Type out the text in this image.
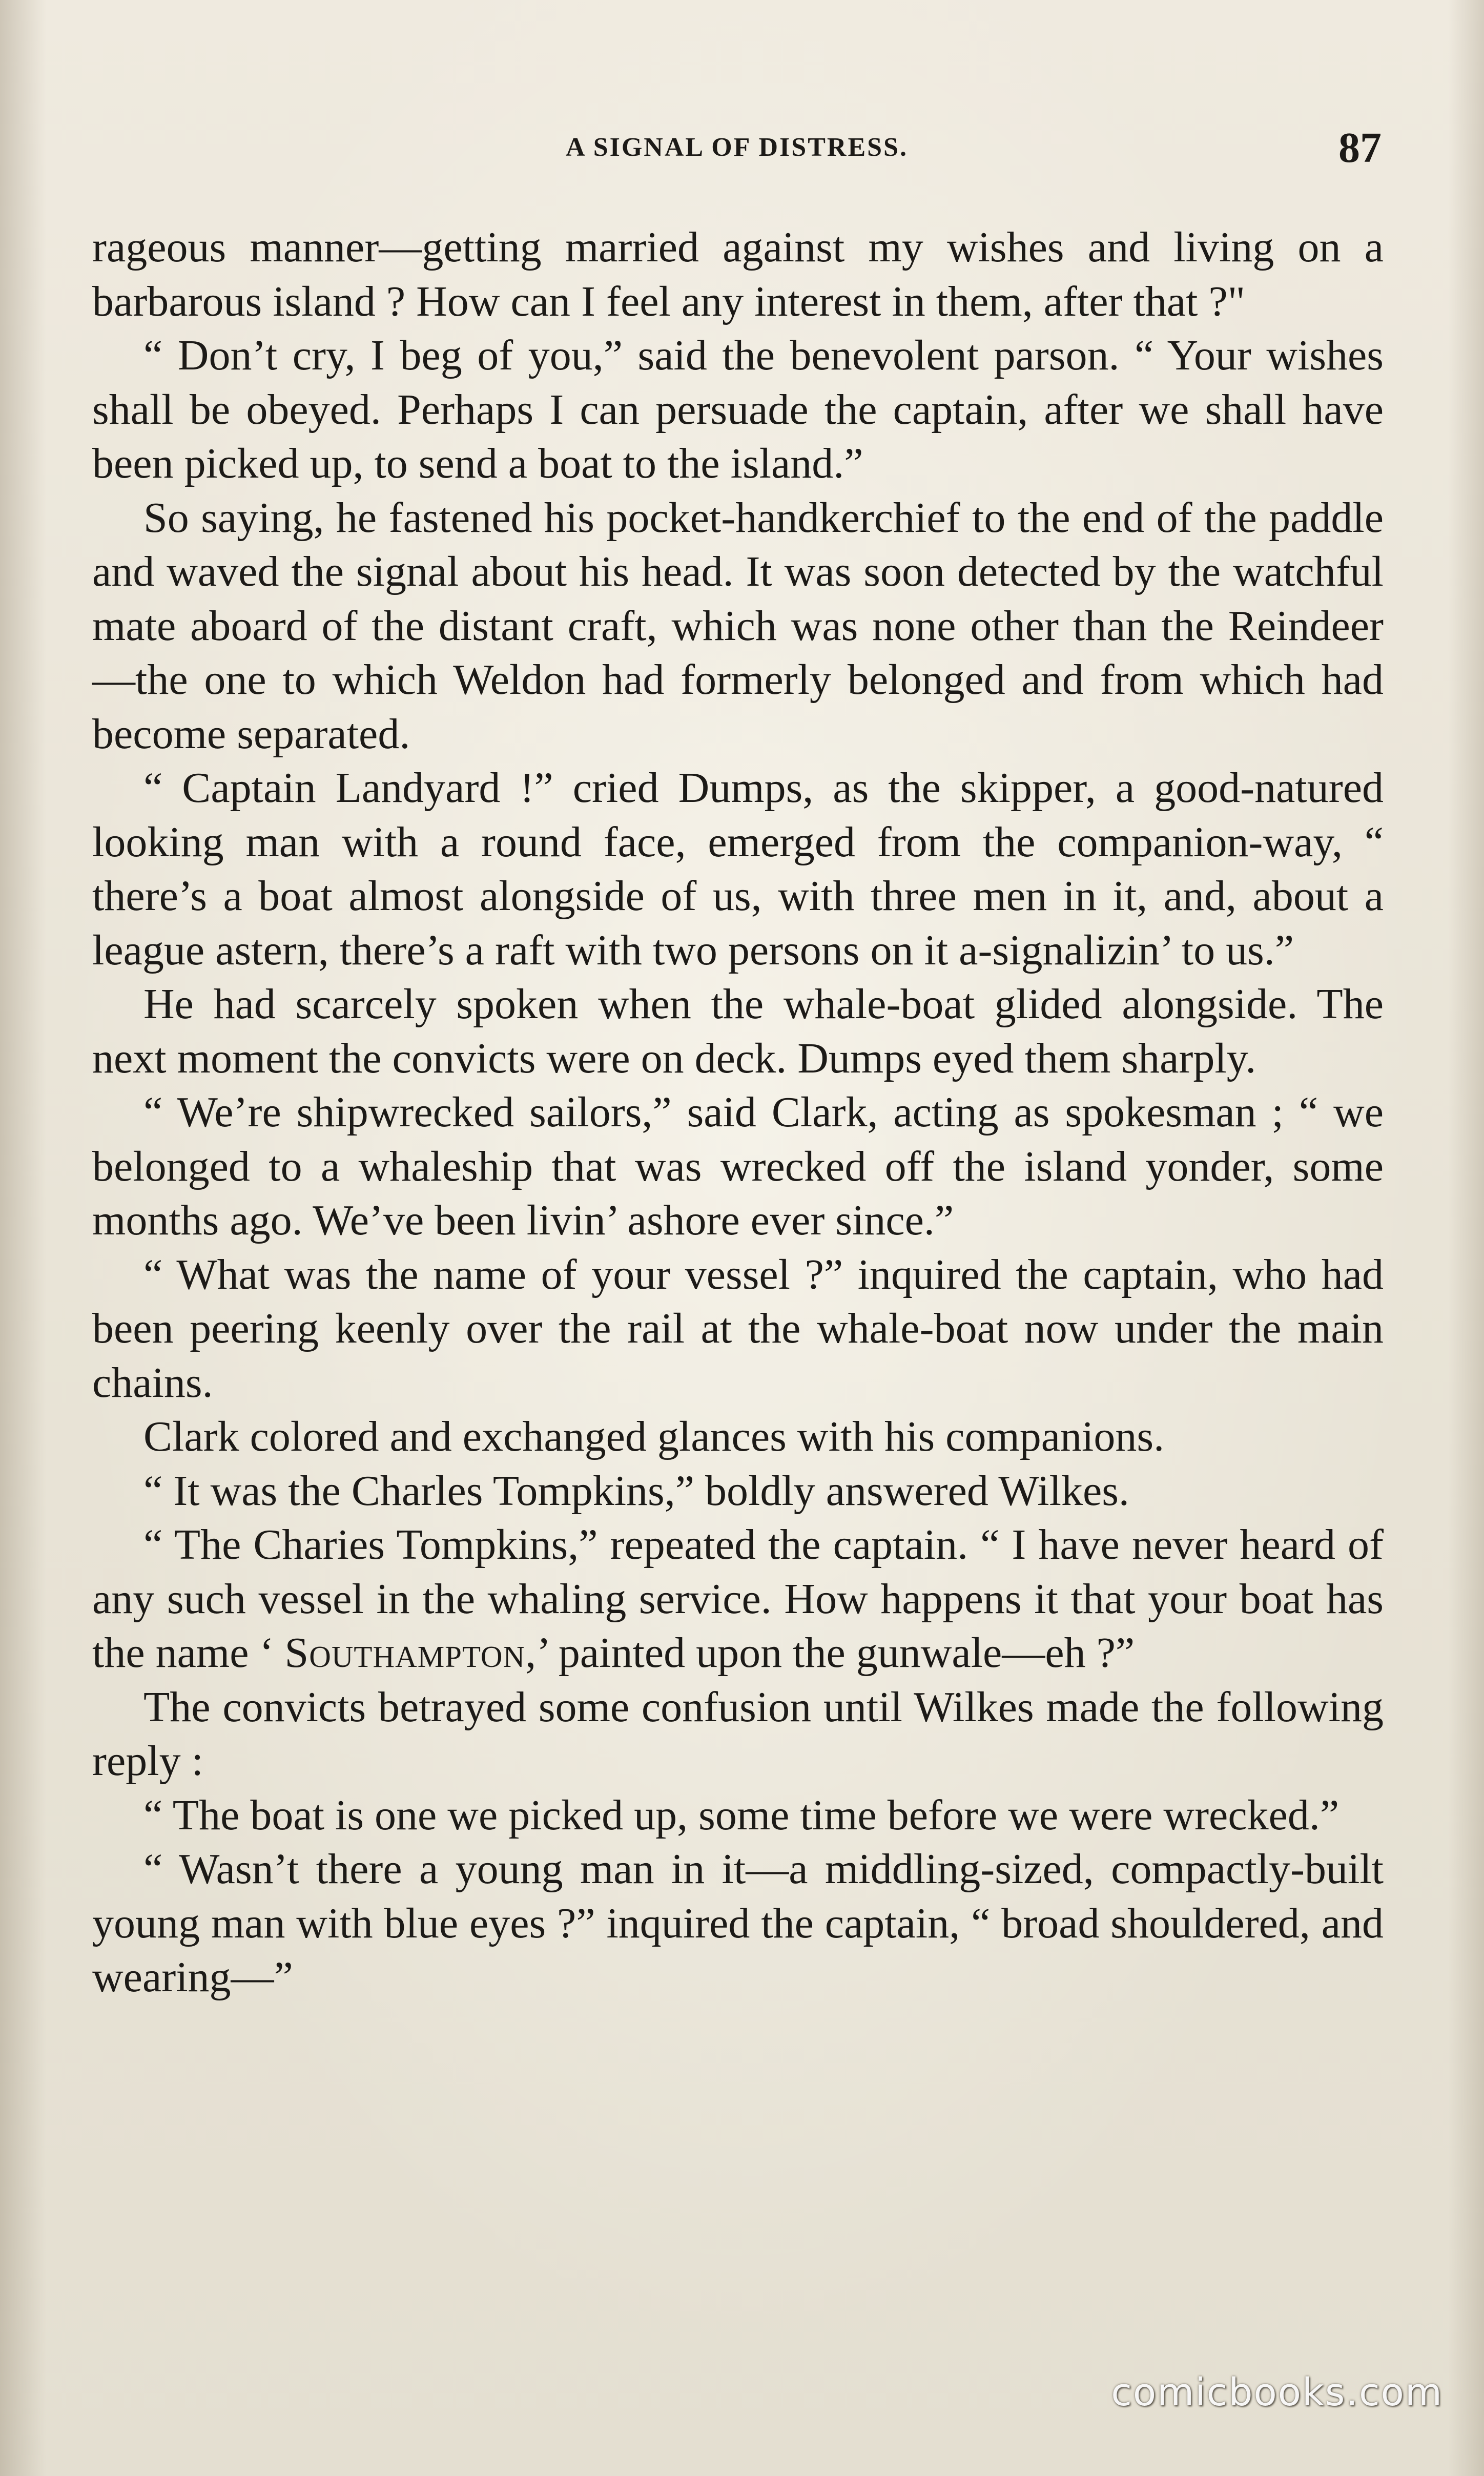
A SIGNAL OF DISTRESS.	87

rageous manner—getting married against my wishes and living on a barbarous island ? How can I feel any interest in them, after that ?"

“ Don’t cry, I beg of you,” said the benevolent parson. “ Your wishes shall be obeyed. Perhaps I can persuade the captain, after we shall have been picked up, to send a boat to the island.”

So saying, he fastened his pocket-handkerchief to the end of the paddle and waved the signal about his head. It was soon detected by the watchful mate aboard of the distant craft, which was none other than the Reindeer—the one to which Weldon had formerly belonged and from which had become separated.

“ Captain Landyard !” cried Dumps, as the skipper, a good-natured looking man with a round face, emerged from the companion-way, “ there’s a boat almost alongside of us, with three men in it, and, about a league astern, there’s a raft with two persons on it a-signalizin’ to us.”

He had scarcely spoken when the whale-boat glided alongside. The next moment the convicts were on deck. Dumps eyed them sharply.

“ We’re shipwrecked sailors,” said Clark, acting as spokesman ; “ we belonged to a whaleship that was wrecked off the island yonder, some months ago. We’ve been livin’ ashore ever since.”

“ What was the name of your vessel ?” inquired the captain, who had been peering keenly over the rail at the whale-boat now under the main chains.

Clark colored and exchanged glances with his companions.

“ It was the Charles Tompkins,” boldly answered Wilkes.

“ The Charies Tompkins,” repeated the captain. “ I have never heard of any such vessel in the whaling service. How happens it that your boat has the name ‘ Southampton,’ painted upon the gunwale—eh ?”

The convicts betrayed some confusion until Wilkes made the following reply :

“ The boat is one we picked up, some time before we were wrecked.”

“ Wasn’t there a young man in it—a middling-sized, compactly-built young man with blue eyes ?” inquired the captain, “ broad shouldered, and wearing—”

comicbooks.com
